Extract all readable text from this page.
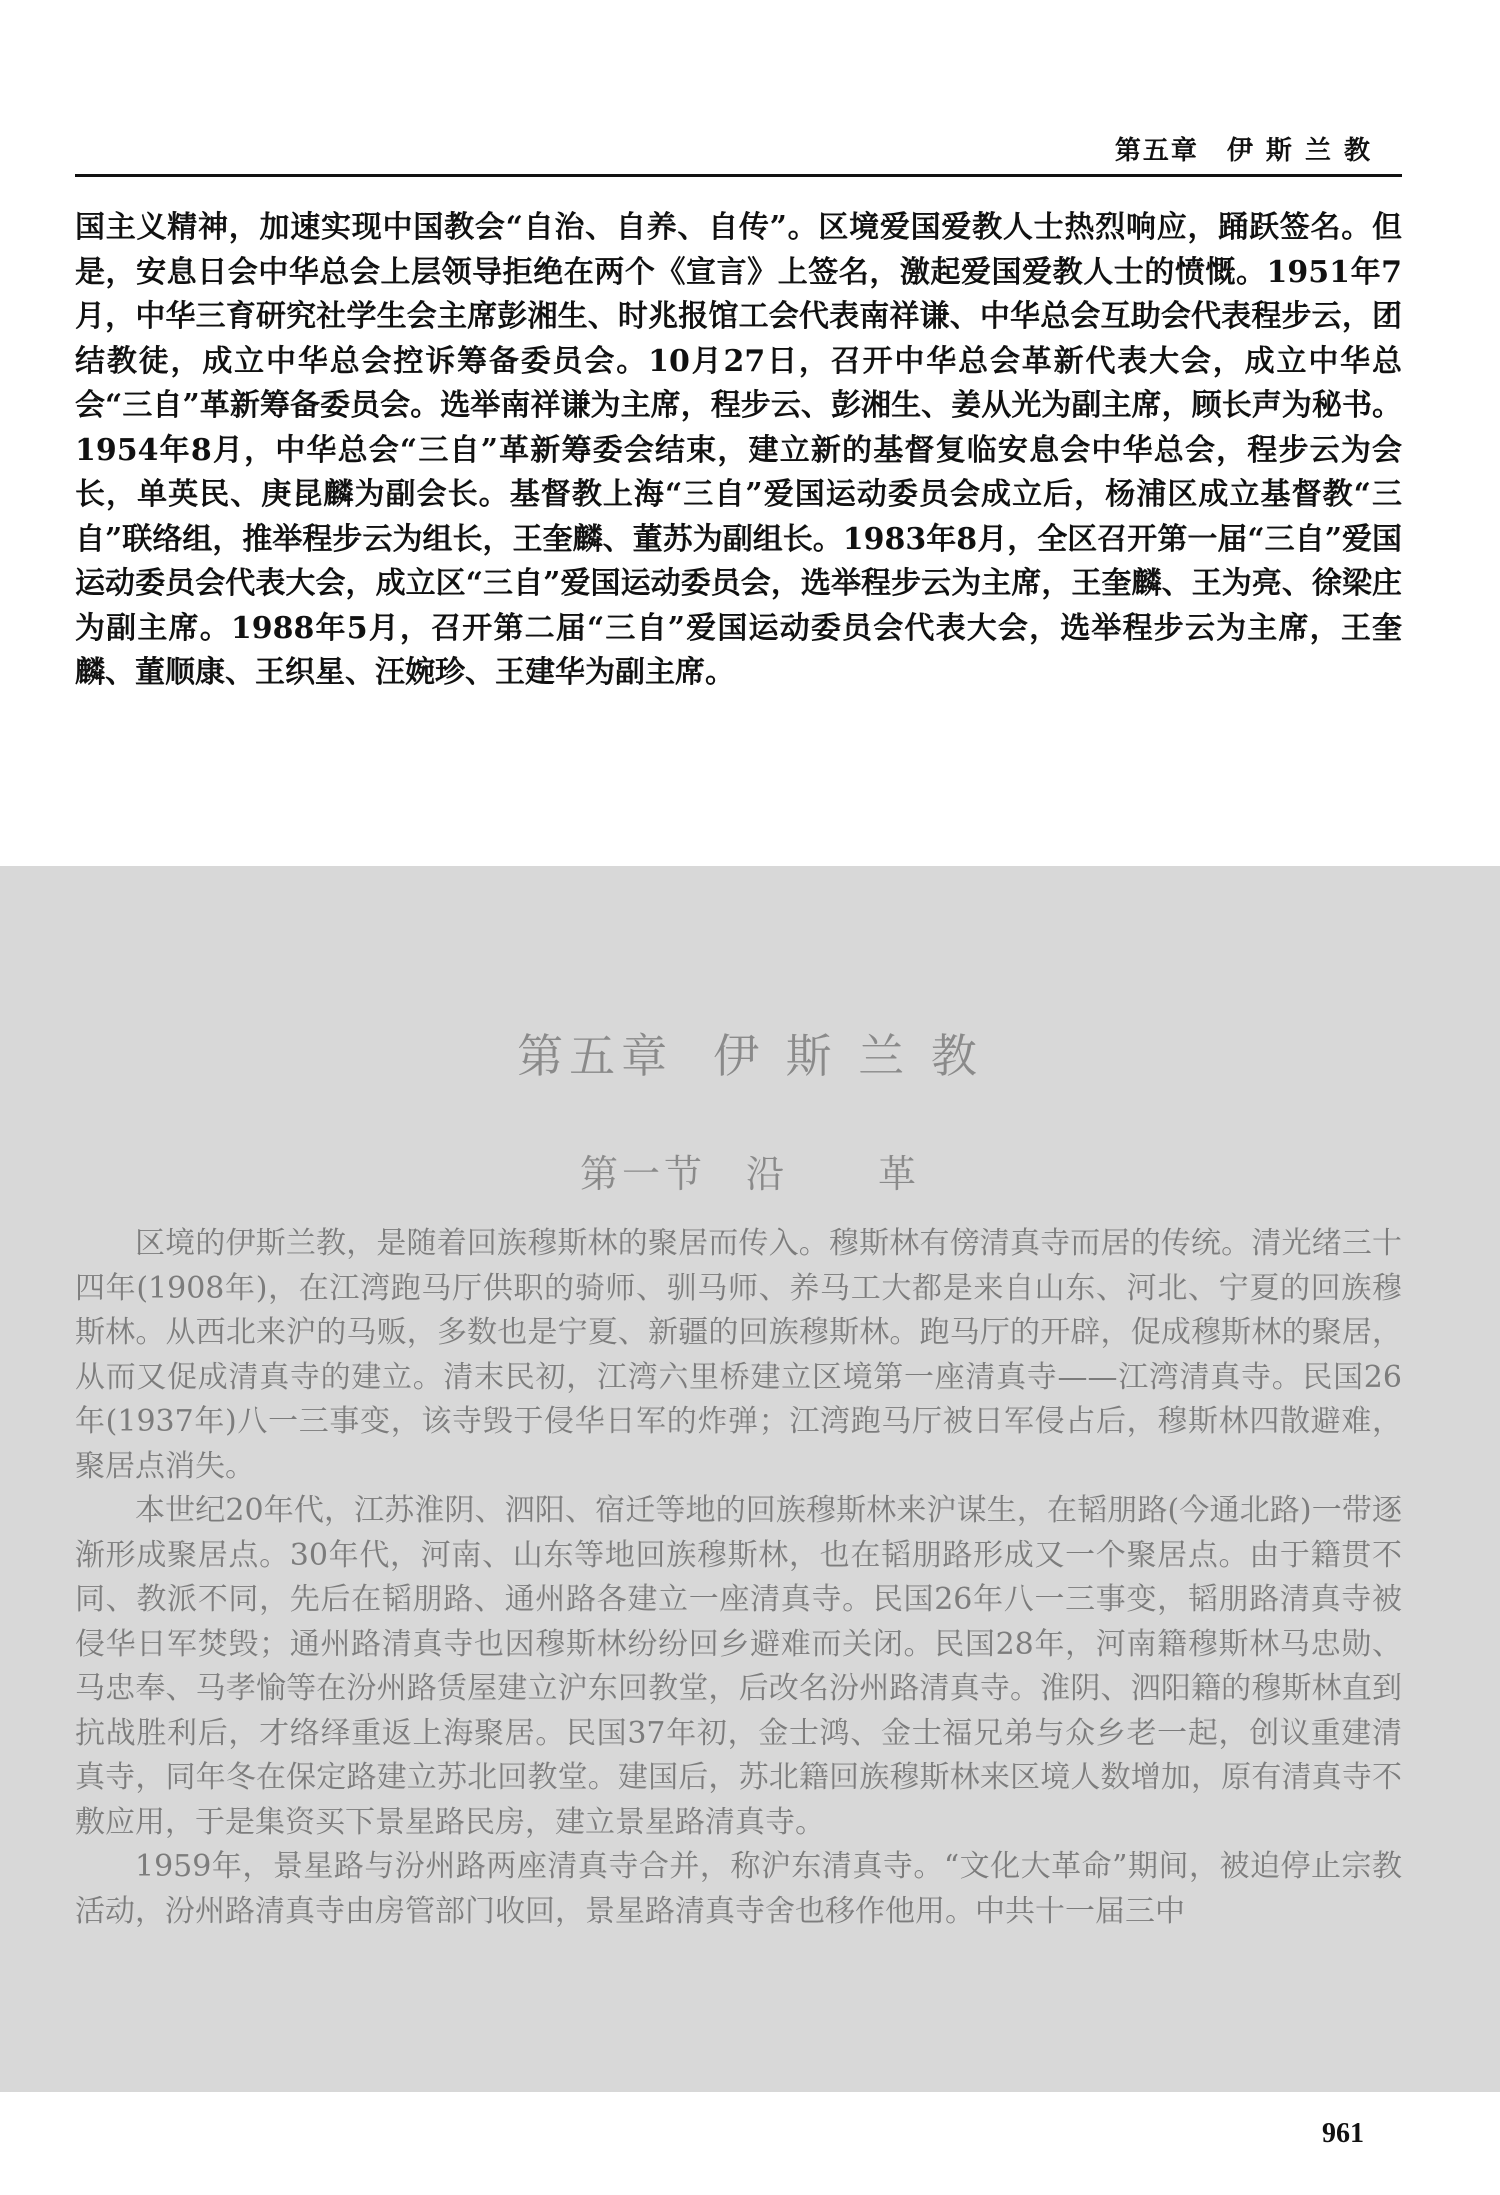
第五章 伊 斯 兰 教

国主义精神，加速实现中国教会“自治、自养、自传”。区境爱国爱教人士热烈响应，踊跃签名。但是，安息日会中华总会上层领导拒绝在两个《宣言》上签名，激起爱国爱教人士的愤慨。1951年7月，中华三育研究社学生会主席彭湘生、时兆报馆工会代表南祥谦、中华总会互助会代表程步云，团结教徒，成立中华总会控诉筹备委员会。10月27日，召开中华总会革新代表大会，成立中华总会“三自”革新筹备委员会。选举南祥谦为主席，程步云、彭湘生、姜从光为副主席，顾长声为秘书。1954年8月，中华总会“三自”革新筹委会结束，建立新的基督复临安息会中华总会，程步云为会长，单英民、庚昆麟为副会长。基督教上海“三自”爱国运动委员会成立后，杨浦区成立基督教“三自”联络组，推举程步云为组长，王奎麟、董苏为副组长。1983年8月，全区召开第一届“三自”爱国运动委员会代表大会，成立区“三自”爱国运动委员会，选举程步云为主席，王奎麟、王为亮、徐梁庄为副主席。1988年5月，召开第二届“三自”爱国运动委员会代表大会，选举程步云为主席，王奎麟、董顺康、王织星、汪婉珍、王建华为副主席。

第五章 伊 斯 兰 教
第一节 沿 革

区境的伊斯兰教，是随着回族穆斯林的聚居而传入。穆斯林有傍清真寺而居的传统。清光绪三十四年(1908年)，在江湾跑马厅供职的骑师、驯马师、养马工大都是来自山东、河北、宁夏的回族穆斯林。从西北来沪的马贩，多数也是宁夏、新疆的回族穆斯林。跑马厅的开辟，促成穆斯林的聚居，从而又促成清真寺的建立。清末民初，江湾六里桥建立区境第一座清真寺——江湾清真寺。民国26年(1937年)八一三事变，该寺毁于侵华日军的炸弹；江湾跑马厅被日军侵占后，穆斯林四散避难，聚居点消失。

本世纪20年代，江苏淮阴、泗阳、宿迁等地的回族穆斯林来沪谋生，在韬朋路(今通北路)一带逐渐形成聚居点。30年代，河南、山东等地回族穆斯林，也在韬朋路形成又一个聚居点。由于籍贯不同、教派不同，先后在韬朋路、通州路各建立一座清真寺。民国26年八一三事变，韬朋路清真寺被侵华日军焚毁；通州路清真寺也因穆斯林纷纷回乡避难而关闭。民国28年，河南籍穆斯林马忠勋、马忠奉、马孝愉等在汾州路赁屋建立沪东回教堂，后改名汾州路清真寺。淮阴、泗阳籍的穆斯林直到抗战胜利后，才络绎重返上海聚居。民国37年初，金士鸿、金士福兄弟与众乡老一起，创议重建清真寺，同年冬在保定路建立苏北回教堂。建国后，苏北籍回族穆斯林来区境人数增加，原有清真寺不敷应用，于是集资买下景星路民房，建立景星路清真寺。

1959年，景星路与汾州路两座清真寺合并，称沪东清真寺。“文化大革命”期间，被迫停止宗教活动，汾州路清真寺由房管部门收回，景星路清真寺舍也移作他用。中共十一届三中

961
